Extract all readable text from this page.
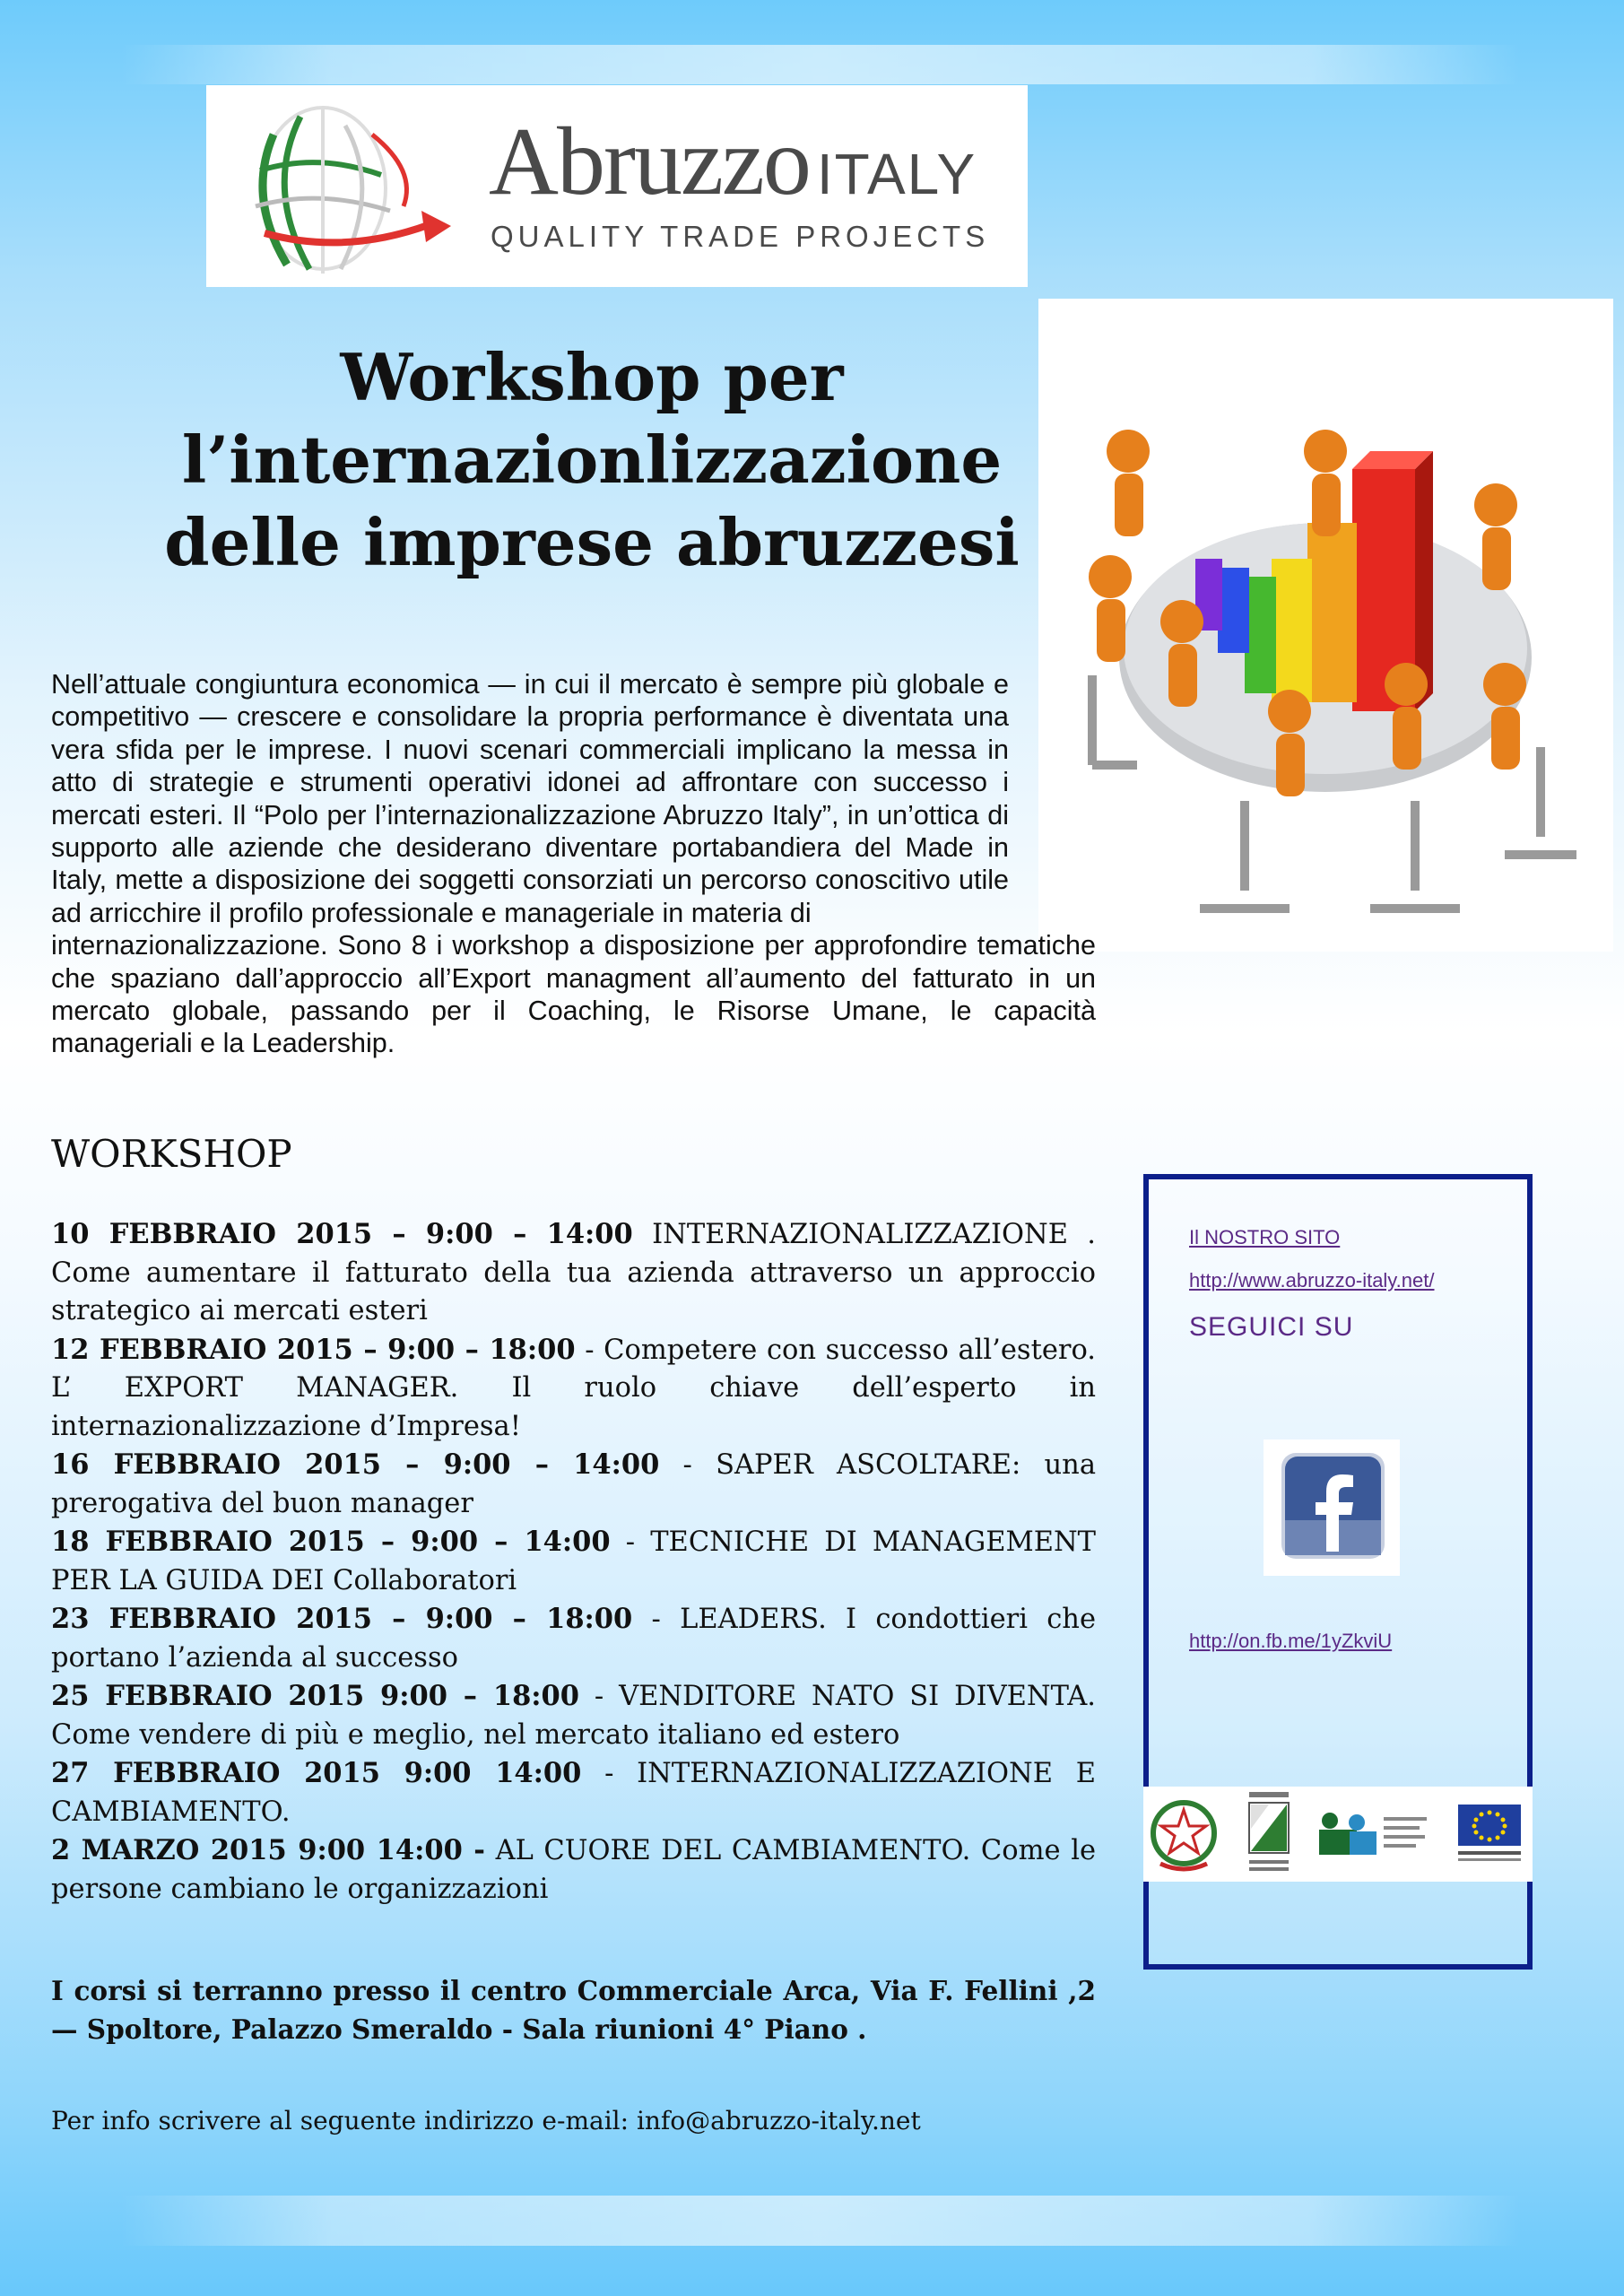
Abruzzo ITALY
QUALITY TRADE PROJECTS
Workshop per
l’internazionlizzazione
delle imprese abruzzesi

Nell’attuale congiuntura economica — in cui il mercato è sempre più globale e competitivo — crescere e consolidare la propria performance è diventata una vera sfida per le imprese. I nuovi scenari commerciali implicano la messa in atto di strategie e strumenti operativi idonei ad affrontare con successo i mercati esteri. Il “Polo per l’internazionalizzazione Abruzzo Italy”, in un’ottica di supporto alle aziende che desiderano diventare portabandiera del Made in Italy, mette a disposizione dei soggetti consorziati un percorso conoscitivo utile ad arricchire il profilo professionale e manageriale in materia di
internazionalizzazione. Sono 8 i workshop a disposizione per approfondire tematiche che spaziano dall’approccio all’Export managment all’aumento del fatturato in un mercato globale, passando per il Coaching, le Risorse Umane, le capacità manageriali e la Leadership.

WORKSHOP
10 FEBBRAIO 2015 – 9:00 – 14:00 INTERNAZIONALIZZAZIONE . Come aumentare il fatturato della tua azienda attraverso un approccio strategico ai mercati esteri
12 FEBBRAIO 2015 – 9:00 – 18:00 - Competere con successo all’estero. L’ EXPORT MANAGER. Il ruolo chiave dell’esperto in internazionalizzazione d’Impresa!
16 FEBBRAIO 2015 – 9:00 – 14:00 - SAPER ASCOLTARE: una prerogativa del buon manager
18 FEBBRAIO 2015 – 9:00 – 14:00 - TECNICHE DI MANAGEMENT PER LA GUIDA DEI Collaboratori
23 FEBBRAIO 2015 – 9:00 – 18:00 - LEADERS. I condottieri che portano l’azienda al successo
25 FEBBRAIO 2015 9:00 – 18:00 - VENDITORE NATO SI DIVENTA. Come vendere di più e meglio, nel mercato italiano ed estero
27 FEBBRAIO 2015 9:00 14:00 - INTERNAZIONALIZZAZIONE E CAMBIAMENTO.
2 MARZO 2015 9:00 14:00 - AL CUORE DEL CAMBIAMENTO. Come le persone cambiano le organizzazioni

I corsi si terranno presso il centro Commerciale Arca, Via F. Fellini ,2— Spoltore, Palazzo Smeraldo - Sala riunioni 4° Piano .

Per info scrivere al seguente indirizzo e-mail: info@abruzzo-italy.net

Il NOSTRO SITO
http://www.abruzzo-italy.net/
SEGUICI SU
http://on.fb.me/1yZkviU
